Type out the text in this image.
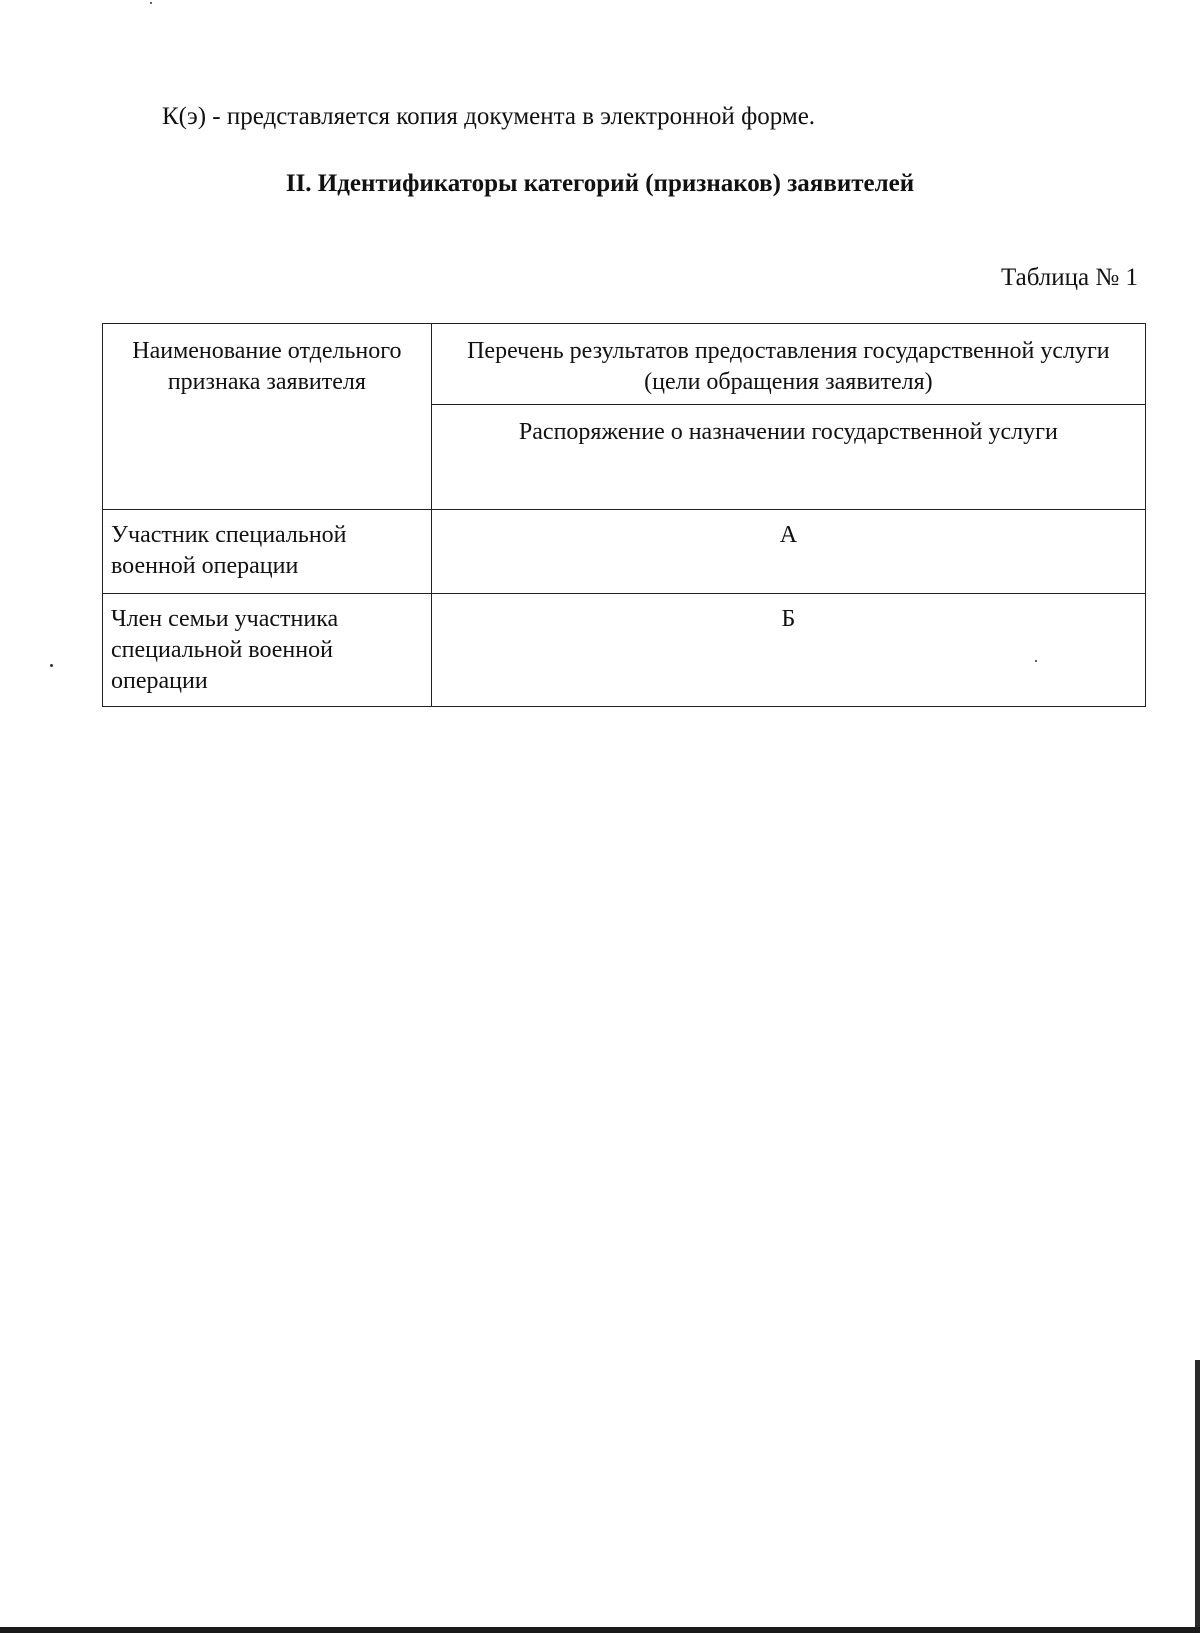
К(э) - представляется копия документа в электронной форме.
II. Идентификаторы категорий (признаков) заявителей
Таблица № 1
Наименование отдельного признака заявителя	Перечень результатов предоставления государственной услуги (цели обращения заявителя)
	Распоряжение о назначении государственной услуги
Участник специальной военной операции	А
Член семьи участника специальной военной операции	Б
